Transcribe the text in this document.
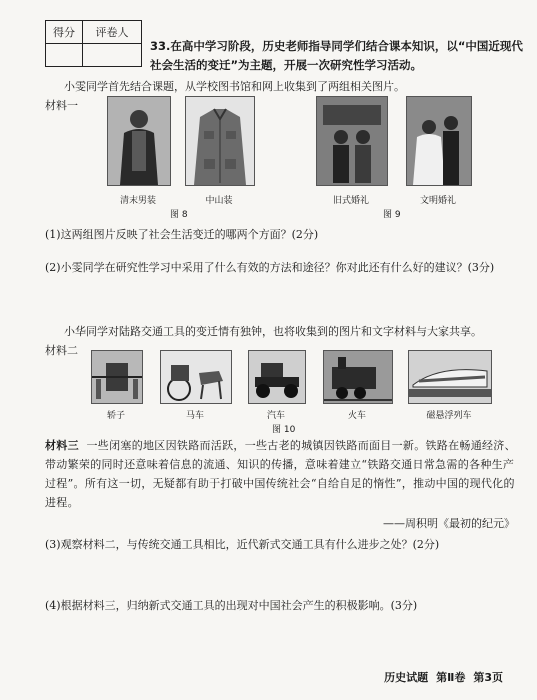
得分	评卷人

33.在高中学习阶段，历史老师指导同学们结合课本知识，以“中国近现代社会生活的变迁”为主题，开展一次研究性学习活动。
小雯同学首先结合课题，从学校图书馆和网上收集到了两组相关图片。
材料一
清末男装	中山装	旧式婚礼	文明婚礼
图 8	图 9
(1)这两组图片反映了社会生活变迁的哪两个方面？(2分)
(2)小雯同学在研究性学习中采用了什么有效的方法和途径？你对此还有什么好的建议？(3分)
小华同学对陆路交通工具的变迁情有独钟，也将收集到的图片和文字材料与大家共享。
材料二
轿子	马车	汽车	火车	磁悬浮列车
图 10
材料三 一些闭塞的地区因铁路而活跃，一些古老的城镇因铁路而面目一新。铁路在畅通经济、带动繁荣的同时还意味着信息的流通、知识的传播，意味着建立“铁路交通日常急需的各种生产过程”。所有这一切，无疑都有助于打破中国传统社会“自给自足的惰性”，推动中国的现代化的进程。
——周积明《最初的纪元》
(3)观察材料二，与传统交通工具相比，近代新式交通工具有什么进步之处？(2分)
(4)根据材料三，归纳新式交通工具的出现对中国社会产生的积极影响。(3分)
历史试题 第Ⅱ卷 第3页
